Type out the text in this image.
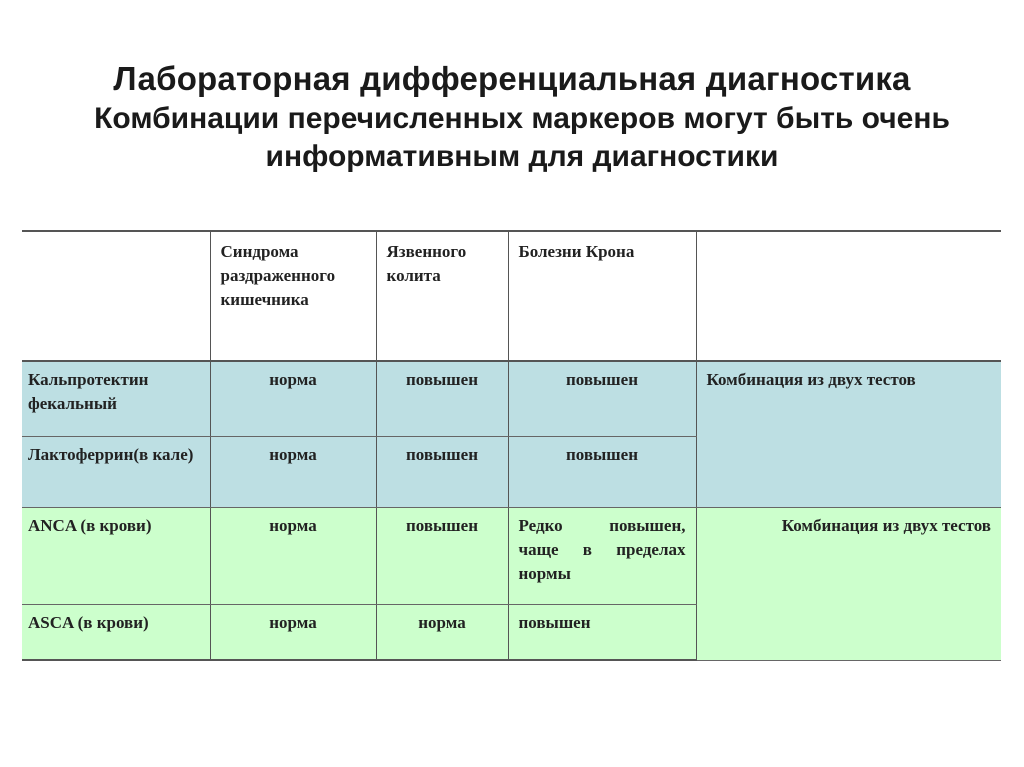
Лабораторная дифференциальная диагностика
Комбинации перечисленных маркеров могут быть очень информативным для диагностики
	Синдрома раздраженного кишечника	Язвенного колита	Болезни Крона	
Кальпротектин фекальный	норма	повышен	повышен	Комбинация из двух тестов
Лактоферрин(в кале)	норма	повышен	повышен	
ANCA (в крови)	норма	повышен	Редко повышен, чаще в пределах нормы	Комбинация из двух тестов
ASCA (в крови)	норма	норма	повышен	
